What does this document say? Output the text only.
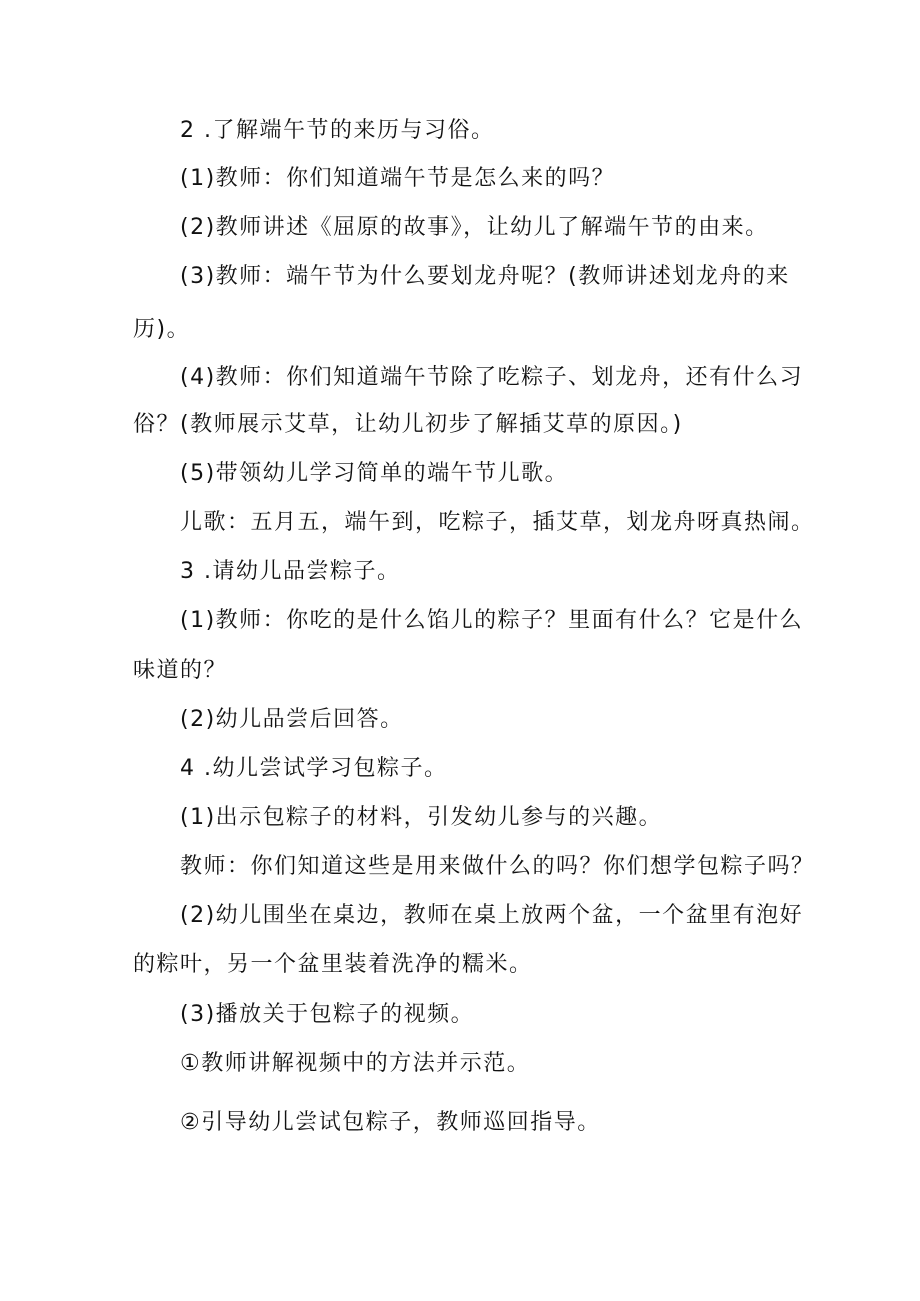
2 .了解端午节的来历与习俗。
(1)教师：你们知道端午节是怎么来的吗？
(2)教师讲述《屈原的故事》，让幼儿了解端午节的由来。
(3)教师：端午节为什么要划龙舟呢？(教师讲述划龙舟的来
历)。
(4)教师：你们知道端午节除了吃粽子、划龙舟，还有什么习
俗？(教师展示艾草，让幼儿初步了解插艾草的原因。)
(5)带领幼儿学习简单的端午节儿歌。
儿歌：五月五，端午到，吃粽子，插艾草，划龙舟呀真热闹。
3 .请幼儿品尝粽子。
(1)教师：你吃的是什么馅儿的粽子？里面有什么？它是什么
味道的？
(2)幼儿品尝后回答。
4 .幼儿尝试学习包粽子。
(1)出示包粽子的材料，引发幼儿参与的兴趣。
教师：你们知道这些是用来做什么的吗？你们想学包粽子吗？
(2)幼儿围坐在桌边，教师在桌上放两个盆，一个盆里有泡好
的粽叶，另一个盆里装着洗净的糯米。
(3)播放关于包粽子的视频。
①教师讲解视频中的方法并示范。
②引导幼儿尝试包粽子，教师巡回指导。
